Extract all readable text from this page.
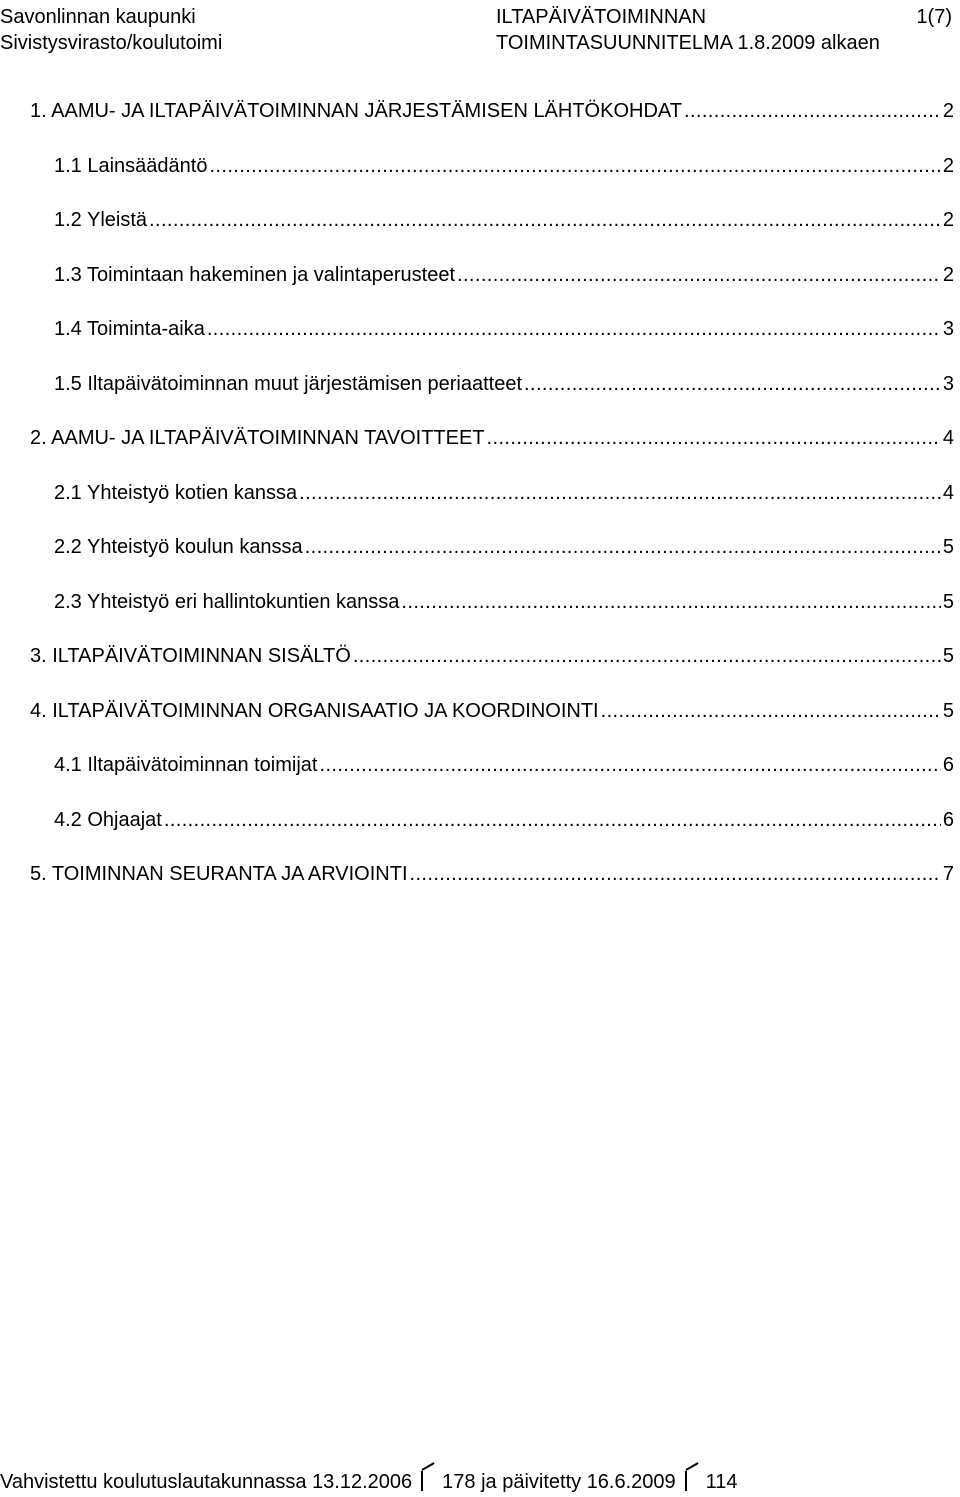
Savonlinnan kaupunki
Sivistysvirasto/koulutoimi
ILTAPÄIVÄTOIMINNAN
TOIMINTASUUNNITELMA 1.8.2009 alkaen
1(7)
1. AAMU- JA ILTAPÄIVÄTOIMINNAN JÄRJESTÄMISEN LÄHTÖKOHDAT .....	2
1.1 Lainsäädäntö .....	2
1.2 Yleistä .....	2
1.3 Toimintaan hakeminen ja valintaperusteet .....	2
1.4 Toiminta-aika .....	3
1.5 Iltapäivätoiminnan muut järjestämisen periaatteet .....	3
2. AAMU- JA ILTAPÄIVÄTOIMINNAN TAVOITTEET .....	4
2.1 Yhteistyö kotien kanssa .....	4
2.2 Yhteistyö koulun kanssa .....	5
2.3 Yhteistyö eri hallintokuntien kanssa .....	5
3. ILTAPÄIVÄTOIMINNAN SISÄLTÖ .....	5
4. ILTAPÄIVÄTOIMINNAN ORGANISAATIO JA KOORDINOINTI .....	5
4.1 Iltapäivätoiminnan toimijat .....	6
4.2 Ohjaajat .....	6
5. TOIMINNAN SEURANTA JA ARVIOINTI .....	7
Vahvistettu koulutuslautakunnassa 13.12.2006 178 ja päivitetty 16.6.2009 114
